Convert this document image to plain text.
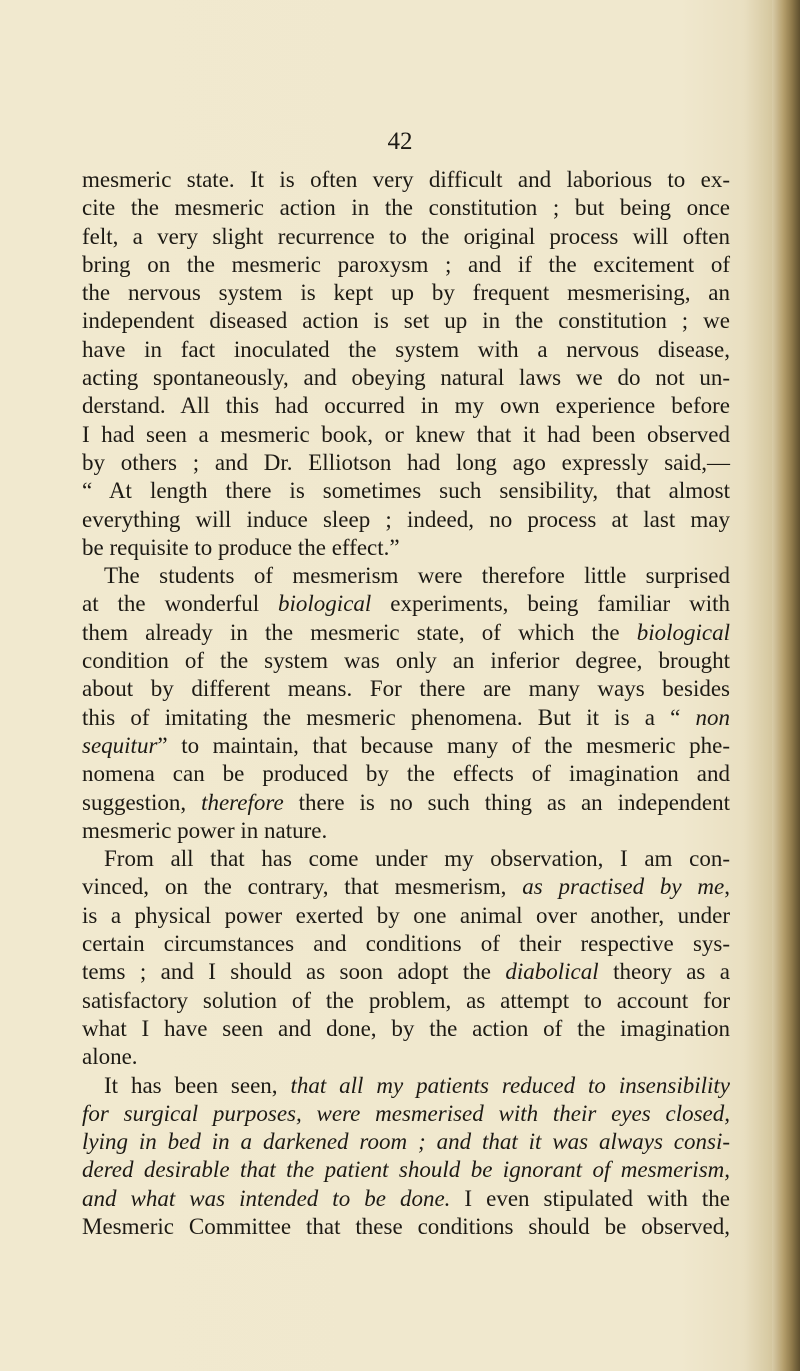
42
mesmeric state. It is often very difficult and laborious to ex-
cite the mesmeric action in the constitution ; but being once
felt, a very slight recurrence to the original process will often
bring on the mesmeric paroxysm ; and if the excitement of
the nervous system is kept up by frequent mesmerising, an
independent diseased action is set up in the constitution ; we
have in fact inoculated the system with a nervous disease,
acting spontaneously, and obeying natural laws we do not un-
derstand. All this had occurred in my own experience before
I had seen a mesmeric book, or knew that it had been observed
by others ; and Dr. Elliotson had long ago expressly said,—
“ At length there is sometimes such sensibility, that almost
everything will induce sleep ; indeed, no process at last may
be requisite to produce the effect.”
The students of mesmerism were therefore little surprised
at the wonderful biological experiments, being familiar with
them already in the mesmeric state, of which the biological
condition of the system was only an inferior degree, brought
about by different means. For there are many ways besides
this of imitating the mesmeric phenomena. But it is a “ non
sequitur” to maintain, that because many of the mesmeric phe-
nomena can be produced by the effects of imagination and
suggestion, therefore there is no such thing as an independent
mesmeric power in nature.
From all that has come under my observation, I am con-
vinced, on the contrary, that mesmerism, as practised by me,
is a physical power exerted by one animal over another, under
certain circumstances and conditions of their respective sys-
tems ; and I should as soon adopt the diabolical theory as a
satisfactory solution of the problem, as attempt to account for
what I have seen and done, by the action of the imagination
alone.
It has been seen, that all my patients reduced to insensibility
for surgical purposes, were mesmerised with their eyes closed,
lying in bed in a darkened room ; and that it was always consi-
dered desirable that the patient should be ignorant of mesmerism,
and what was intended to be done. I even stipulated with the
Mesmeric Committee that these conditions should be observed,
